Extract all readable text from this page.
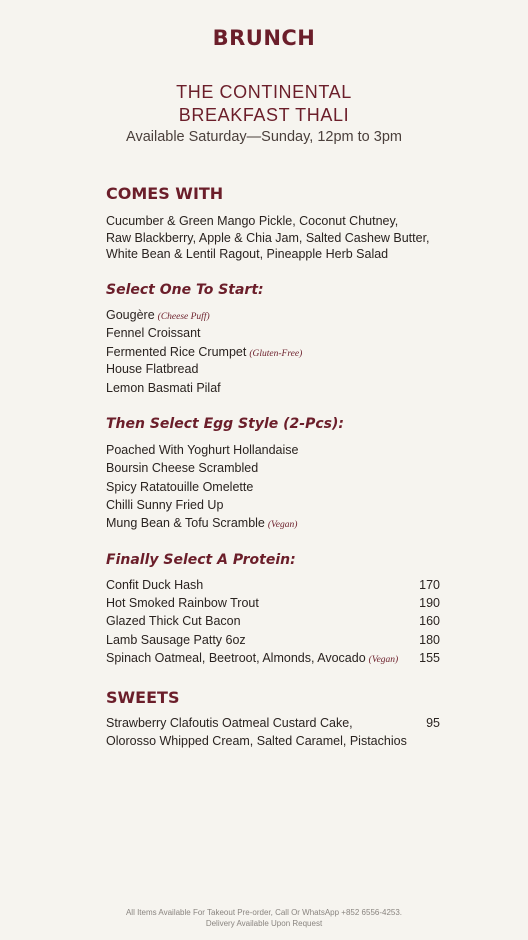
BRUNCH
THE CONTINENTAL
BREAKFAST THALI
Available Saturday—Sunday, 12pm to 3pm
COMES WITH
Cucumber & Green Mango Pickle, Coconut Chutney,
Raw Blackberry, Apple & Chia Jam, Salted Cashew Butter,
White Bean & Lentil Ragout, Pineapple Herb Salad
Select One To Start:
Gougère (Cheese Puff)
Fennel Croissant
Fermented Rice Crumpet (Gluten-Free)
House Flatbread
Lemon Basmati Pilaf
Then Select Egg Style (2-Pcs):
Poached With Yoghurt Hollandaise
Boursin Cheese Scrambled
Spicy Ratatouille Omelette
Chilli Sunny Fried Up
Mung Bean & Tofu Scramble (Vegan)
Finally Select A Protein:
Confit Duck Hash	170
Hot Smoked Rainbow Trout	190
Glazed Thick Cut Bacon	160
Lamb Sausage Patty 6oz	180
Spinach Oatmeal, Beetroot, Almonds, Avocado (Vegan) 155
SWEETS
Strawberry Clafoutis Oatmeal Custard Cake,	95
Olorosso Whipped Cream, Salted Caramel, Pistachios
All Items Available For Takeout Pre-order, Call Or WhatsApp +852 6556-4253.
Delivery Available Upon Request
